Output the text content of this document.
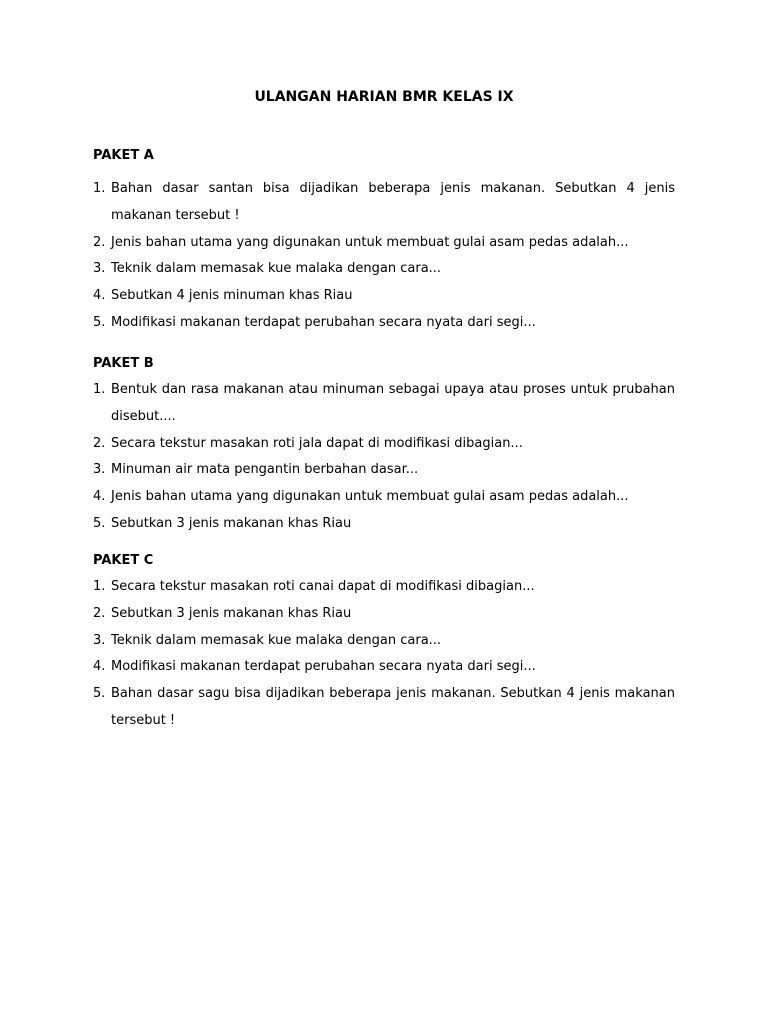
ULANGAN HARIAN BMR KELAS IX

PAKET A

1. Bahan dasar santan bisa dijadikan beberapa jenis makanan. Sebutkan 4 jenis makanan tersebut !
2. Jenis bahan utama yang digunakan untuk membuat gulai asam pedas adalah...
3. Teknik dalam memasak kue malaka dengan cara...
4. Sebutkan 4 jenis minuman khas Riau
5. Modifikasi makanan terdapat perubahan secara nyata dari segi...

PAKET B

1. Bentuk dan rasa makanan atau minuman sebagai upaya atau proses untuk prubahan disebut....
2. Secara tekstur masakan roti jala dapat di modifikasi dibagian...
3. Minuman air mata pengantin berbahan dasar...
4. Jenis bahan utama yang digunakan untuk membuat gulai asam pedas adalah...
5. Sebutkan 3 jenis makanan khas Riau

PAKET C

1. Secara tekstur masakan roti canai dapat di modifikasi dibagian...
2. Sebutkan 3 jenis makanan khas Riau
3. Teknik dalam memasak kue malaka dengan cara...
4. Modifikasi makanan terdapat perubahan secara nyata dari segi...
5. Bahan dasar sagu bisa dijadikan beberapa jenis makanan. Sebutkan 4 jenis makanan tersebut !
